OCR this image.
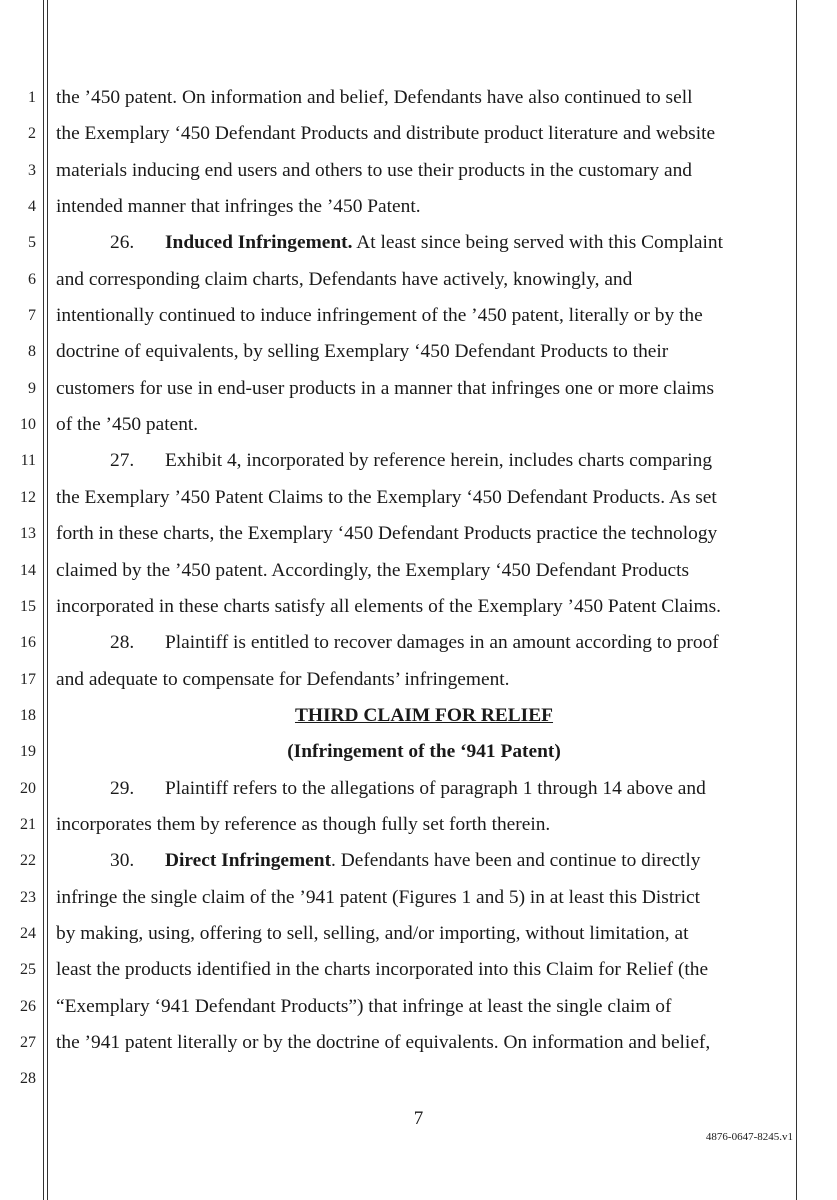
1
2
3
4
5
6
7
8
9
10
11
12
13
14
15
16
17
18
19
20
21
22
23
24
25
26
27
28
the ’450 patent. On information and belief, Defendants have also continued to sell
the Exemplary ‘450 Defendant Products and distribute product literature and website
materials inducing end users and others to use their products in the customary and
intended manner that infringes the ’450 Patent.
26. Induced Infringement. At least since being served with this Complaint
and corresponding claim charts, Defendants have actively, knowingly, and
intentionally continued to induce infringement of the ’450 patent, literally or by the
doctrine of equivalents, by selling Exemplary ‘450 Defendant Products to their
customers for use in end-user products in a manner that infringes one or more claims
of the ’450 patent.
27. Exhibit 4, incorporated by reference herein, includes charts comparing
the Exemplary ’450 Patent Claims to the Exemplary ‘450 Defendant Products. As set
forth in these charts, the Exemplary ‘450 Defendant Products practice the technology
claimed by the ’450 patent. Accordingly, the Exemplary ‘450 Defendant Products
incorporated in these charts satisfy all elements of the Exemplary ’450 Patent Claims.
28. Plaintiff is entitled to recover damages in an amount according to proof
and adequate to compensate for Defendants’ infringement.
THIRD CLAIM FOR RELIEF
(Infringement of the ‘941 Patent)
29. Plaintiff refers to the allegations of paragraph 1 through 14 above and
incorporates them by reference as though fully set forth therein.
30. Direct Infringement. Defendants have been and continue to directly
infringe the single claim of the ’941 patent (Figures 1 and 5) in at least this District
by making, using, offering to sell, selling, and/or importing, without limitation, at
least the products identified in the charts incorporated into this Claim for Relief (the
“Exemplary ‘941 Defendant Products”) that infringe at least the single claim of
the ’941 patent literally or by the doctrine of equivalents. On information and belief,
7
4876-0647-8245.v1
